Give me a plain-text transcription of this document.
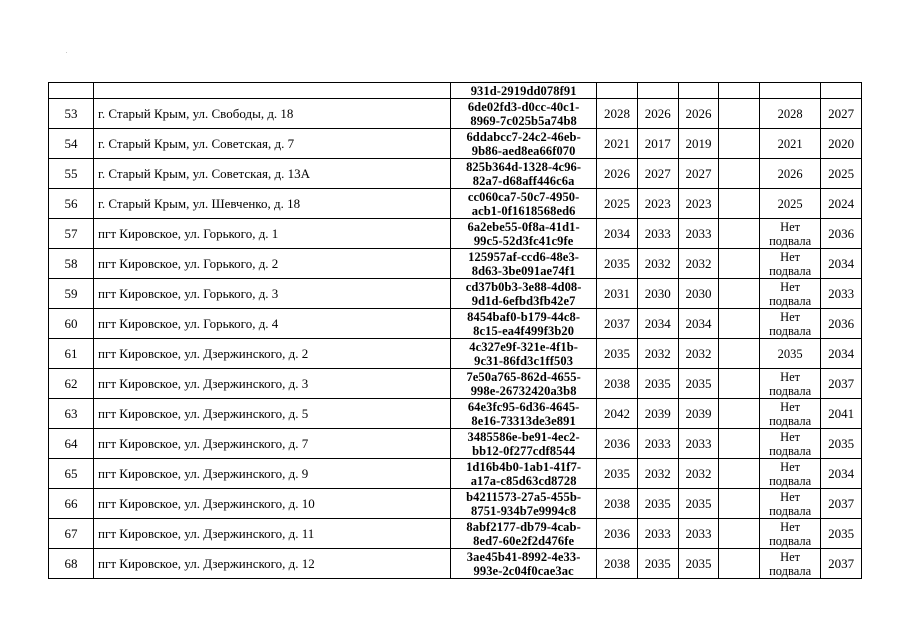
		931d-2919dd078f91						
53	г. Старый Крым, ул. Свободы, д. 18	6de02fd3-d0cc-40c1-
8969-7c025b5a74b8	2028	2026	2026		2028	2027
54	г. Старый Крым, ул. Советская, д. 7	6ddabcc7-24c2-46eb-
9b86-aed8ea66f070	2021	2017	2019		2021	2020
55	г. Старый Крым, ул. Советская, д. 13А	825b364d-1328-4c96-
82a7-d68aff446c6a	2026	2027	2027		2026	2025
56	г. Старый Крым, ул. Шевченко, д. 18	cc060ca7-50c7-4950-
acb1-0f1618568ed6	2025	2023	2023		2025	2024
57	пгт Кировское, ул. Горького, д. 1	6a2ebe55-0f8a-41d1-
99c5-52d3fc41c9fe	2034	2033	2033		Нет
подвала	2036
58	пгт Кировское, ул. Горького, д. 2	125957af-ccd6-48e3-
8d63-3be091ae74f1	2035	2032	2032		Нет
подвала	2034
59	пгт Кировское, ул. Горького, д. 3	cd37b0b3-3e88-4d08-
9d1d-6efbd3fb42e7	2031	2030	2030		Нет
подвала	2033
60	пгт Кировское, ул. Горького, д. 4	8454baf0-b179-44c8-
8c15-ea4f499f3b20	2037	2034	2034		Нет
подвала	2036
61	пгт Кировское, ул. Дзержинского, д. 2	4c327e9f-321e-4f1b-
9c31-86fd3c1ff503	2035	2032	2032		2035	2034
62	пгт Кировское, ул. Дзержинского, д. 3	7e50a765-862d-4655-
998e-26732420a3b8	2038	2035	2035		Нет
подвала	2037
63	пгт Кировское, ул. Дзержинского, д. 5	64e3fc95-6d36-4645-
8e16-73313de3e891	2042	2039	2039		Нет
подвала	2041
64	пгт Кировское, ул. Дзержинского, д. 7	3485586e-be91-4ec2-
bb12-0f277cdf8544	2036	2033	2033		Нет
подвала	2035
65	пгт Кировское, ул. Дзержинского, д. 9	1d16b4b0-1ab1-41f7-
a17a-c85d63cd8728	2035	2032	2032		Нет
подвала	2034
66	пгт Кировское, ул. Дзержинского, д. 10	b4211573-27a5-455b-
8751-934b7e9994c8	2038	2035	2035		Нет
подвала	2037
67	пгт Кировское, ул. Дзержинского, д. 11	8abf2177-db79-4cab-
8ed7-60e2f2d476fe	2036	2033	2033		Нет
подвала	2035
68	пгт Кировское, ул. Дзержинского, д. 12	3ae45b41-8992-4e33-
993e-2c04f0cae3ac	2038	2035	2035		Нет
подвала	2037
